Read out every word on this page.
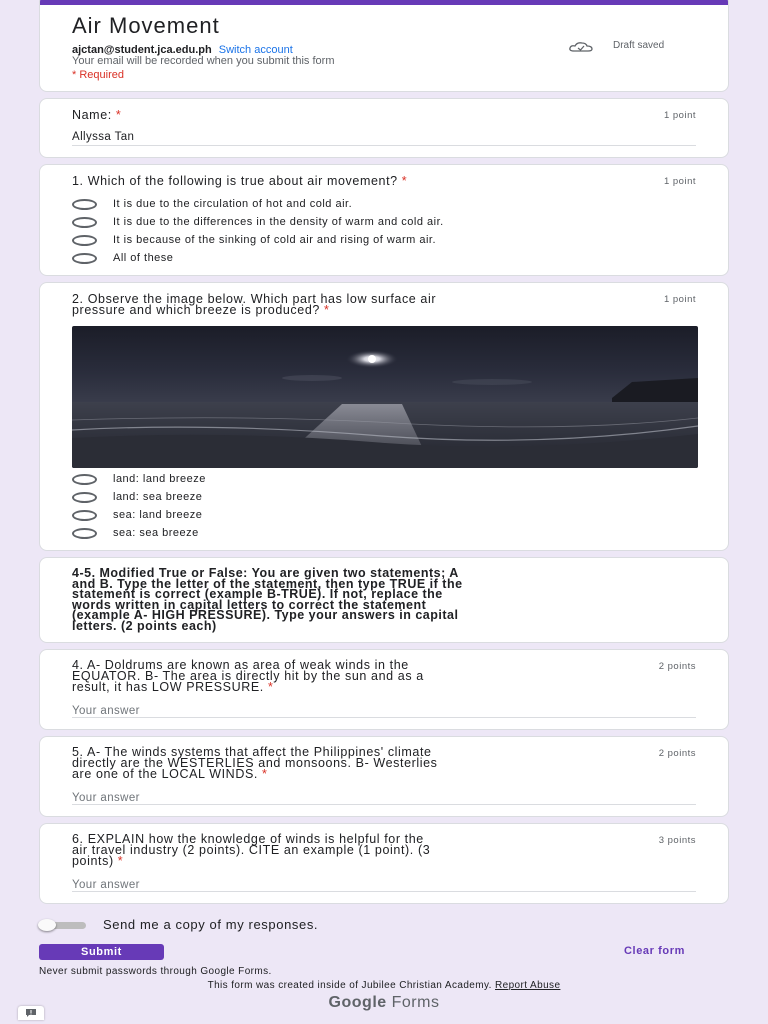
Air Movement
ajctan@student.jca.edu.ph Switch account	Draft saved
Your email will be recorded when you submit this form
* Required
Name: *	1 point
Allyssa Tan
1. Which of the following is true about air movement? *	1 point
It is due to the circulation of hot and cold air.
It is due to the differences in the density of warm and cold air.
It is because of the sinking of cold air and rising of warm air.
All of these
2. Observe the image below. Which part has low surface air
pressure and which breeze is produced? *
1 point
land: land breeze
land: sea breeze
sea: land breeze
sea: sea breeze
4-5. Modified True or False: You are given two statements; A
and B. Type the letter of the statement, then type TRUE if the
statement is correct (example B-TRUE). If not, replace the
words written in capital letters to correct the statement
(example A- HIGH PRESSURE). Type your answers in capital
letters. (2 points each)
4. A- Doldrums are known as area of weak winds in the
EQUATOR. B- The area is directly hit by the sun and as a
result, it has LOW PRESSURE. *
2 points
Your answer
5. A- The winds systems that affect the Philippines' climate
directly are the WESTERLIES and monsoons. B- Westerlies
are one of the LOCAL WINDS. *
2 points
Your answer
6. EXPLAIN how the knowledge of winds is helpful for the
air travel industry (2 points). CITE an example (1 point). (3
points) *
3 points
Your answer
Send me a copy of my responses.
Submit	Clear form
Never submit passwords through Google Forms.
This form was created inside of Jubilee Christian Academy. Report Abuse
Google Forms
